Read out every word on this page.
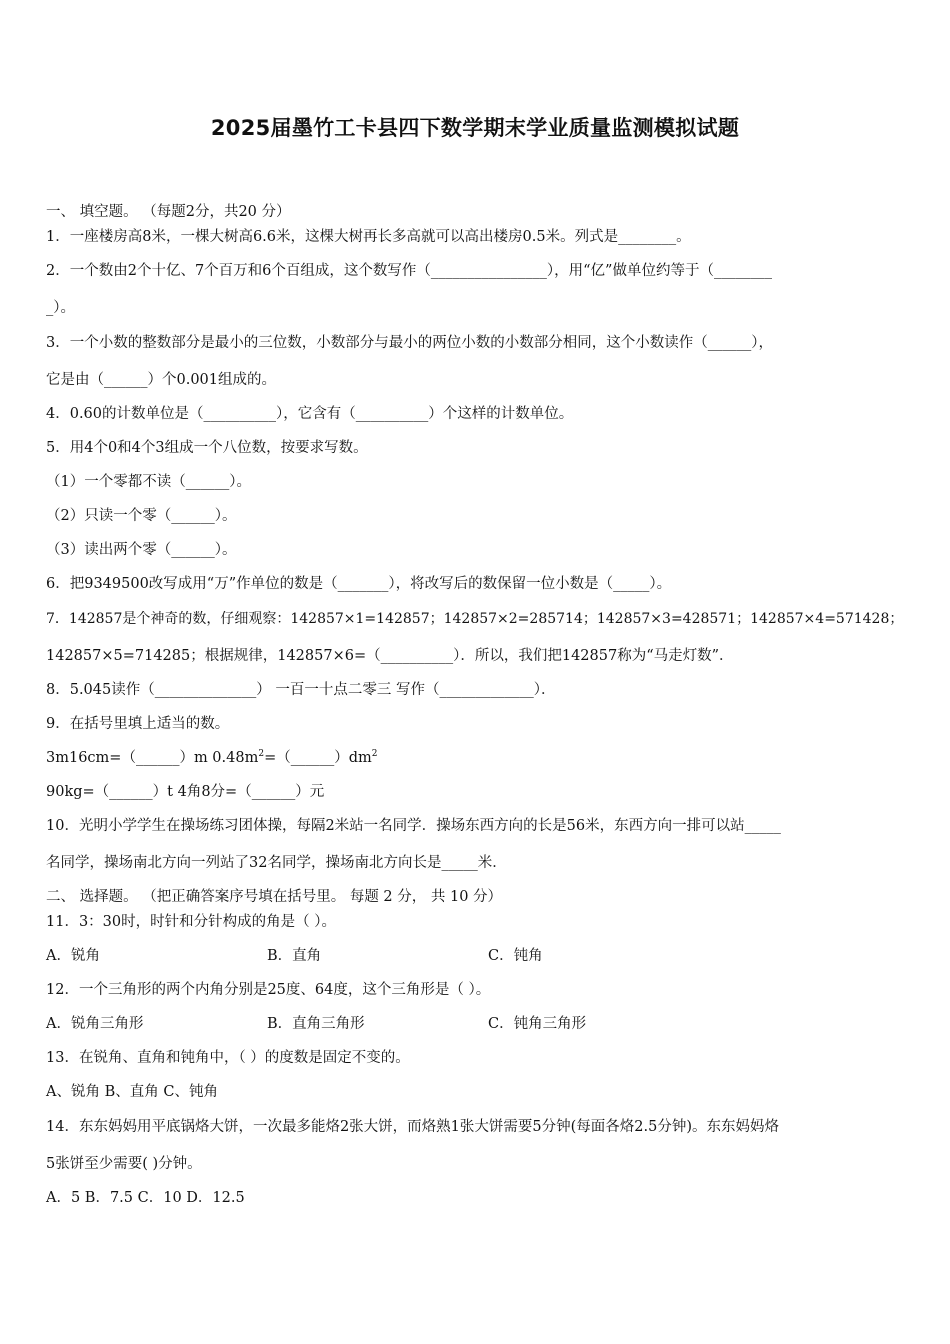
2025届墨竹工卡县四下数学期末学业质量监测模拟试题
一、 填空题。 （每题2分，共20 分）
1．一座楼房高8米，一棵大树高6.6米，这棵大树再长多高就可以高出楼房0.5米。列式是________。
2．一个数由2个十亿、7个百万和6个百组成，这个数写作（________________），用“亿”做单位约等于（________
_）。
3．一个小数的整数部分是最小的三位数，小数部分与最小的两位小数的小数部分相同，这个小数读作（______），
它是由（______）个0.001组成的。
4．0.60的计数单位是（__________），它含有（__________）个这样的计数单位。
5．用4个0和4个3组成一个八位数，按要求写数。
（1）一个零都不读（______）。
（2）只读一个零（______）。
（3）读出两个零（______）。
6．把9349500改写成用“万”作单位的数是（_______），将改写后的数保留一位小数是（_____）。
7．142857是个神奇的数，仔细观察：142857×1=142857；142857×2=285714；142857×3=428571；142857×4=571428；
142857×5=714285；根据规律，142857×6=（__________）．所以，我们把142857称为“马走灯数”．
8．5.045读作（______________） 一百一十点二零三 写作（_____________）．
9．在括号里填上适当的数。
3m16cm=（______）m $0.48m^2=(\_\_\_\_\_\_)dm^2$
90kg=（______）t 4角8分=（______）元
10．光明小学学生在操场练习团体操，每隔2米站一名同学．操场东西方向的长是56米，东西方向一排可以站_____
名同学，操场南北方向一列站了32名同学，操场南北方向长是_____米．
二、 选择题。 （把正确答案序号填在括号里。 每题 2 分， 共 10 分）
11．3：30时，时针和分针构成的角是（ ）。
A．锐角	B．直角	C．钝角
12．一个三角形的两个内角分别是25度、64度，这个三角形是（ ）。
A．锐角三角形	B．直角三角形	C．钝角三角形
13．在锐角、直角和钝角中，（ ）的度数是固定不变的。
A、锐角 B、直角 C、钝角
14．东东妈妈用平底锅烙大饼，一次最多能烙2张大饼，而烙熟1张大饼需要5分钟(每面各烙2.5分钟)。东东妈妈烙
5张饼至少需要( )分钟。
A．5 B．7.5 C．10 D．12.5
